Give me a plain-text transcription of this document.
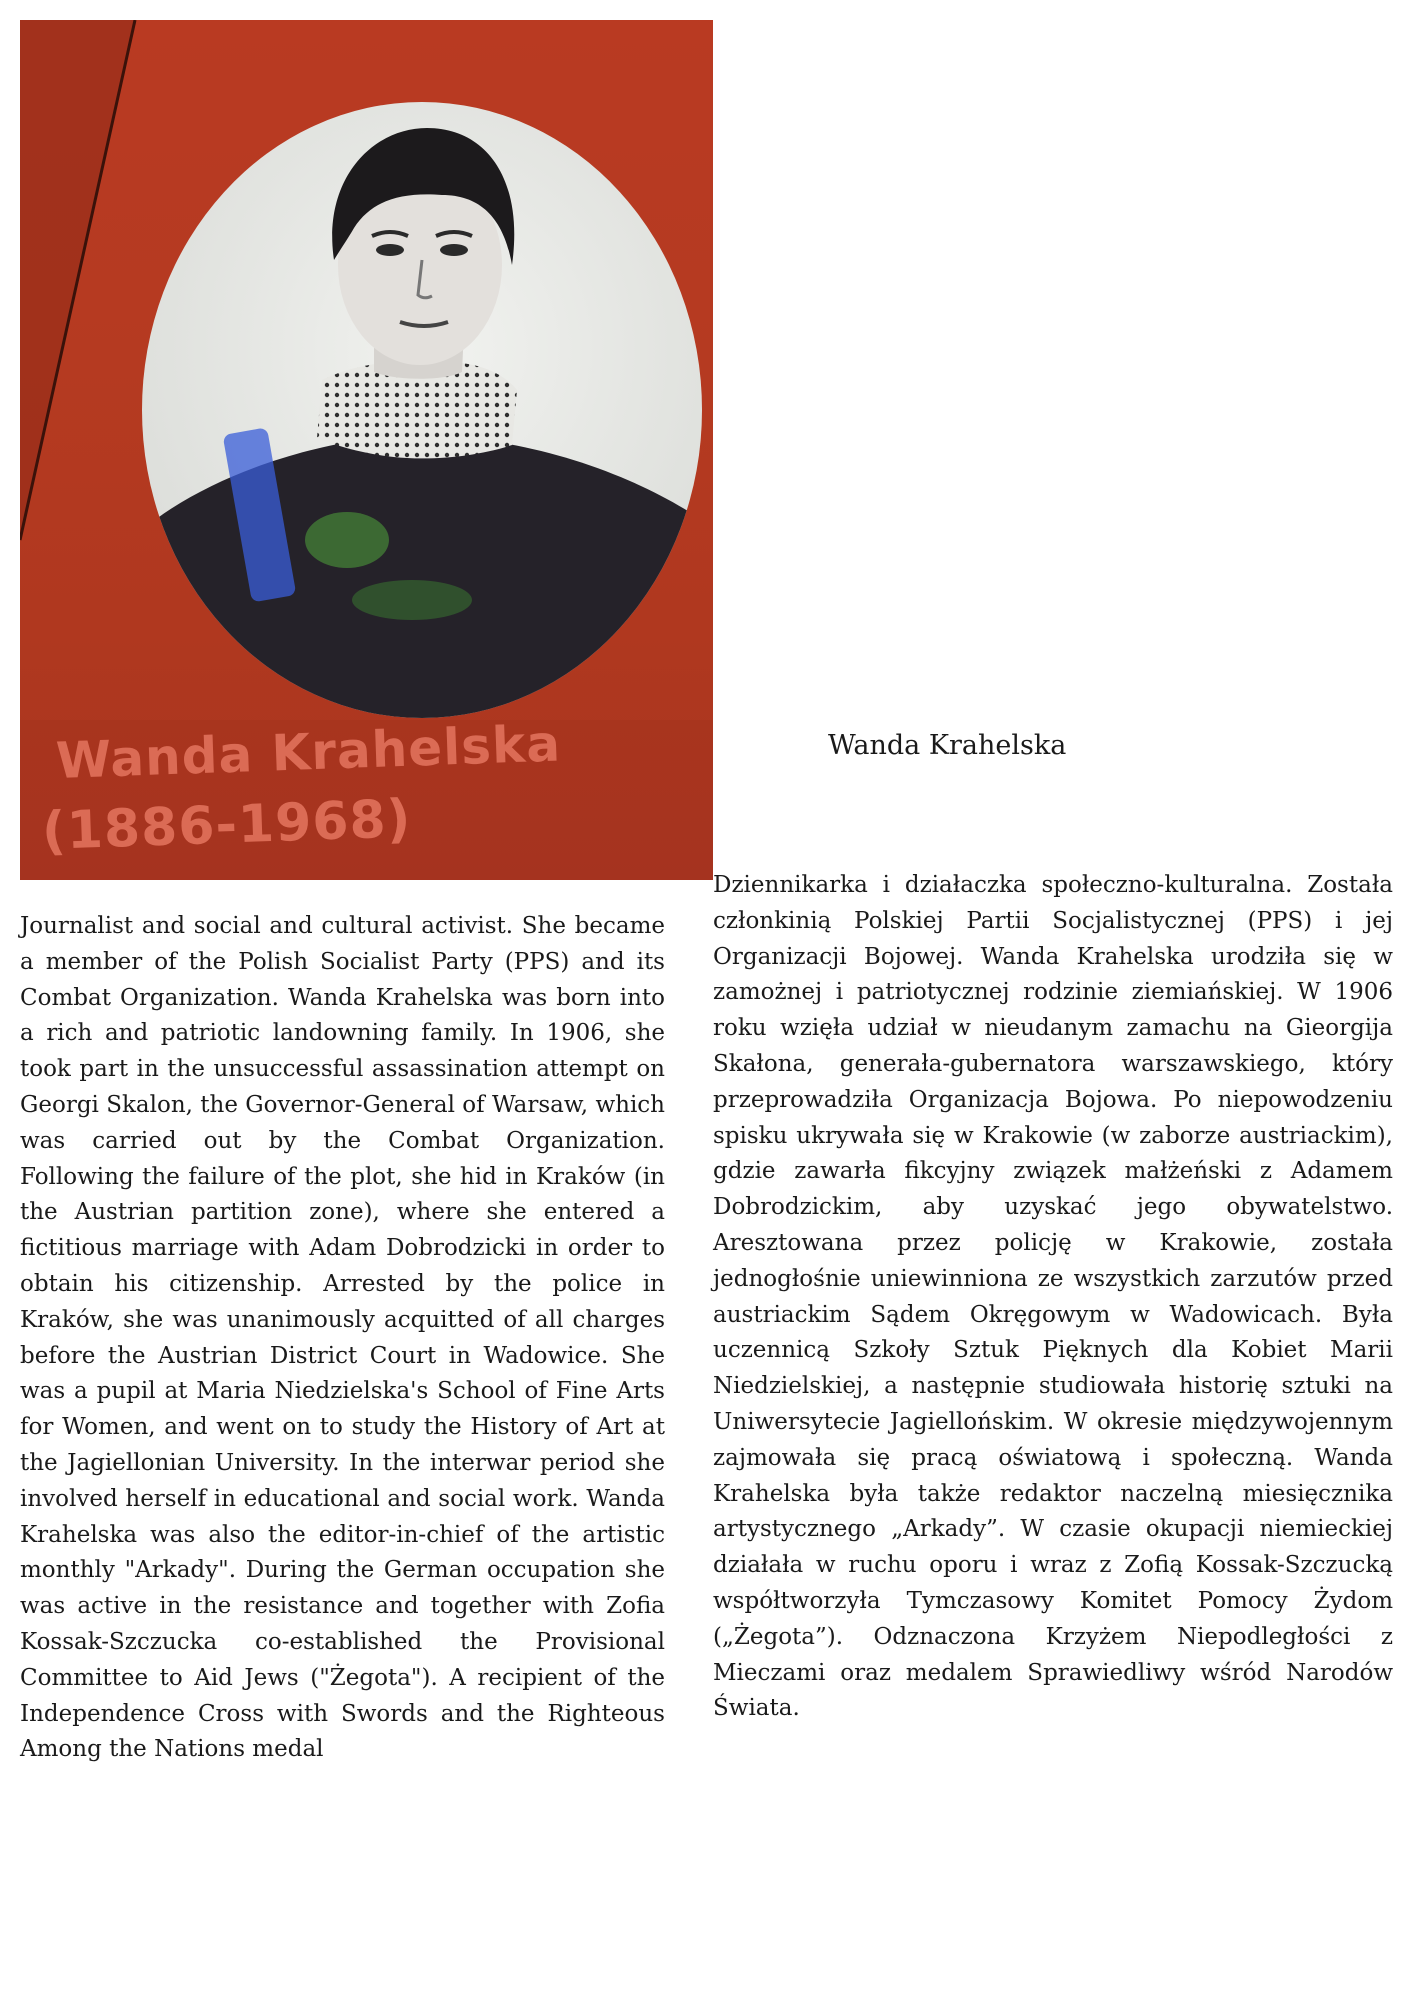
Wanda Krahelska
(1886-1968)
Wanda Krahelska

Journalist and social and cultural activist. She became a member of the Polish Socialist Party (PPS) and its Combat Organization. Wanda Krahelska was born into a rich and patriotic landowning family. In 1906, she took part in the unsuccessful assassination attempt on Georgi Skalon, the Governor-General of Warsaw, which was carried out by the Combat Organization. Following the failure of the plot, she hid in Kraków (in the Austrian partition zone), where she entered a fictitious marriage with Adam Dobrodzicki in order to obtain his citizenship. Arrested by the police in Kraków, she was unanimously acquitted of all charges before the Austrian District Court in Wadowice. She was a pupil at Maria Niedzielska's School of Fine Arts for Women, and went on to study the History of Art at the Jagiellonian University. In the interwar period she involved herself in educational and social work. Wanda Krahelska was also the editor-in-chief of the artistic monthly "Arkady". During the German occupation she was active in the resistance and together with Zofia Kossak-Szczucka co-established the Provisional Committee to Aid Jews ("Żegota"). A recipient of the Independence Cross with Swords and the Righteous Among the Nations medal

Dziennikarka i działaczka społeczno-kulturalna. Została członkinią Polskiej Partii Socjalistycznej (PPS) i jej Organizacji Bojowej. Wanda Krahelska urodziła się w zamożnej i patriotycznej rodzinie ziemiańskiej. W 1906 roku wzięła udział w nieudanym zamachu na Gieorgija Skałona, generała-gubernatora warszawskiego, który przeprowadziła Organizacja Bojowa. Po niepowodzeniu spisku ukrywała się w Krakowie (w zaborze austriackim), gdzie zawarła fikcyjny związek małżeński z Adamem Dobrodzickim, aby uzyskać jego obywatelstwo. Aresztowana przez policję w Krakowie, została jednogłośnie uniewinniona ze wszystkich zarzutów przed austriackim Sądem Okręgowym w Wadowicach. Była uczennicą Szkoły Sztuk Pięknych dla Kobiet Marii Niedzielskiej, a następnie studiowała historię sztuki na Uniwersytecie Jagiellońskim. W okresie międzywojennym zajmowała się pracą oświatową i społeczną. Wanda Krahelska była także redaktor naczelną miesięcznika artystycznego „Arkady”. W czasie okupacji niemieckiej działała w ruchu oporu i wraz z Zofią Kossak-Szczucką współtworzyła Tymczasowy Komitet Pomocy Żydom („Żegota”). Odznaczona Krzyżem Niepodległości z Mieczami oraz medalem Sprawiedliwy wśród Narodów Świata.
